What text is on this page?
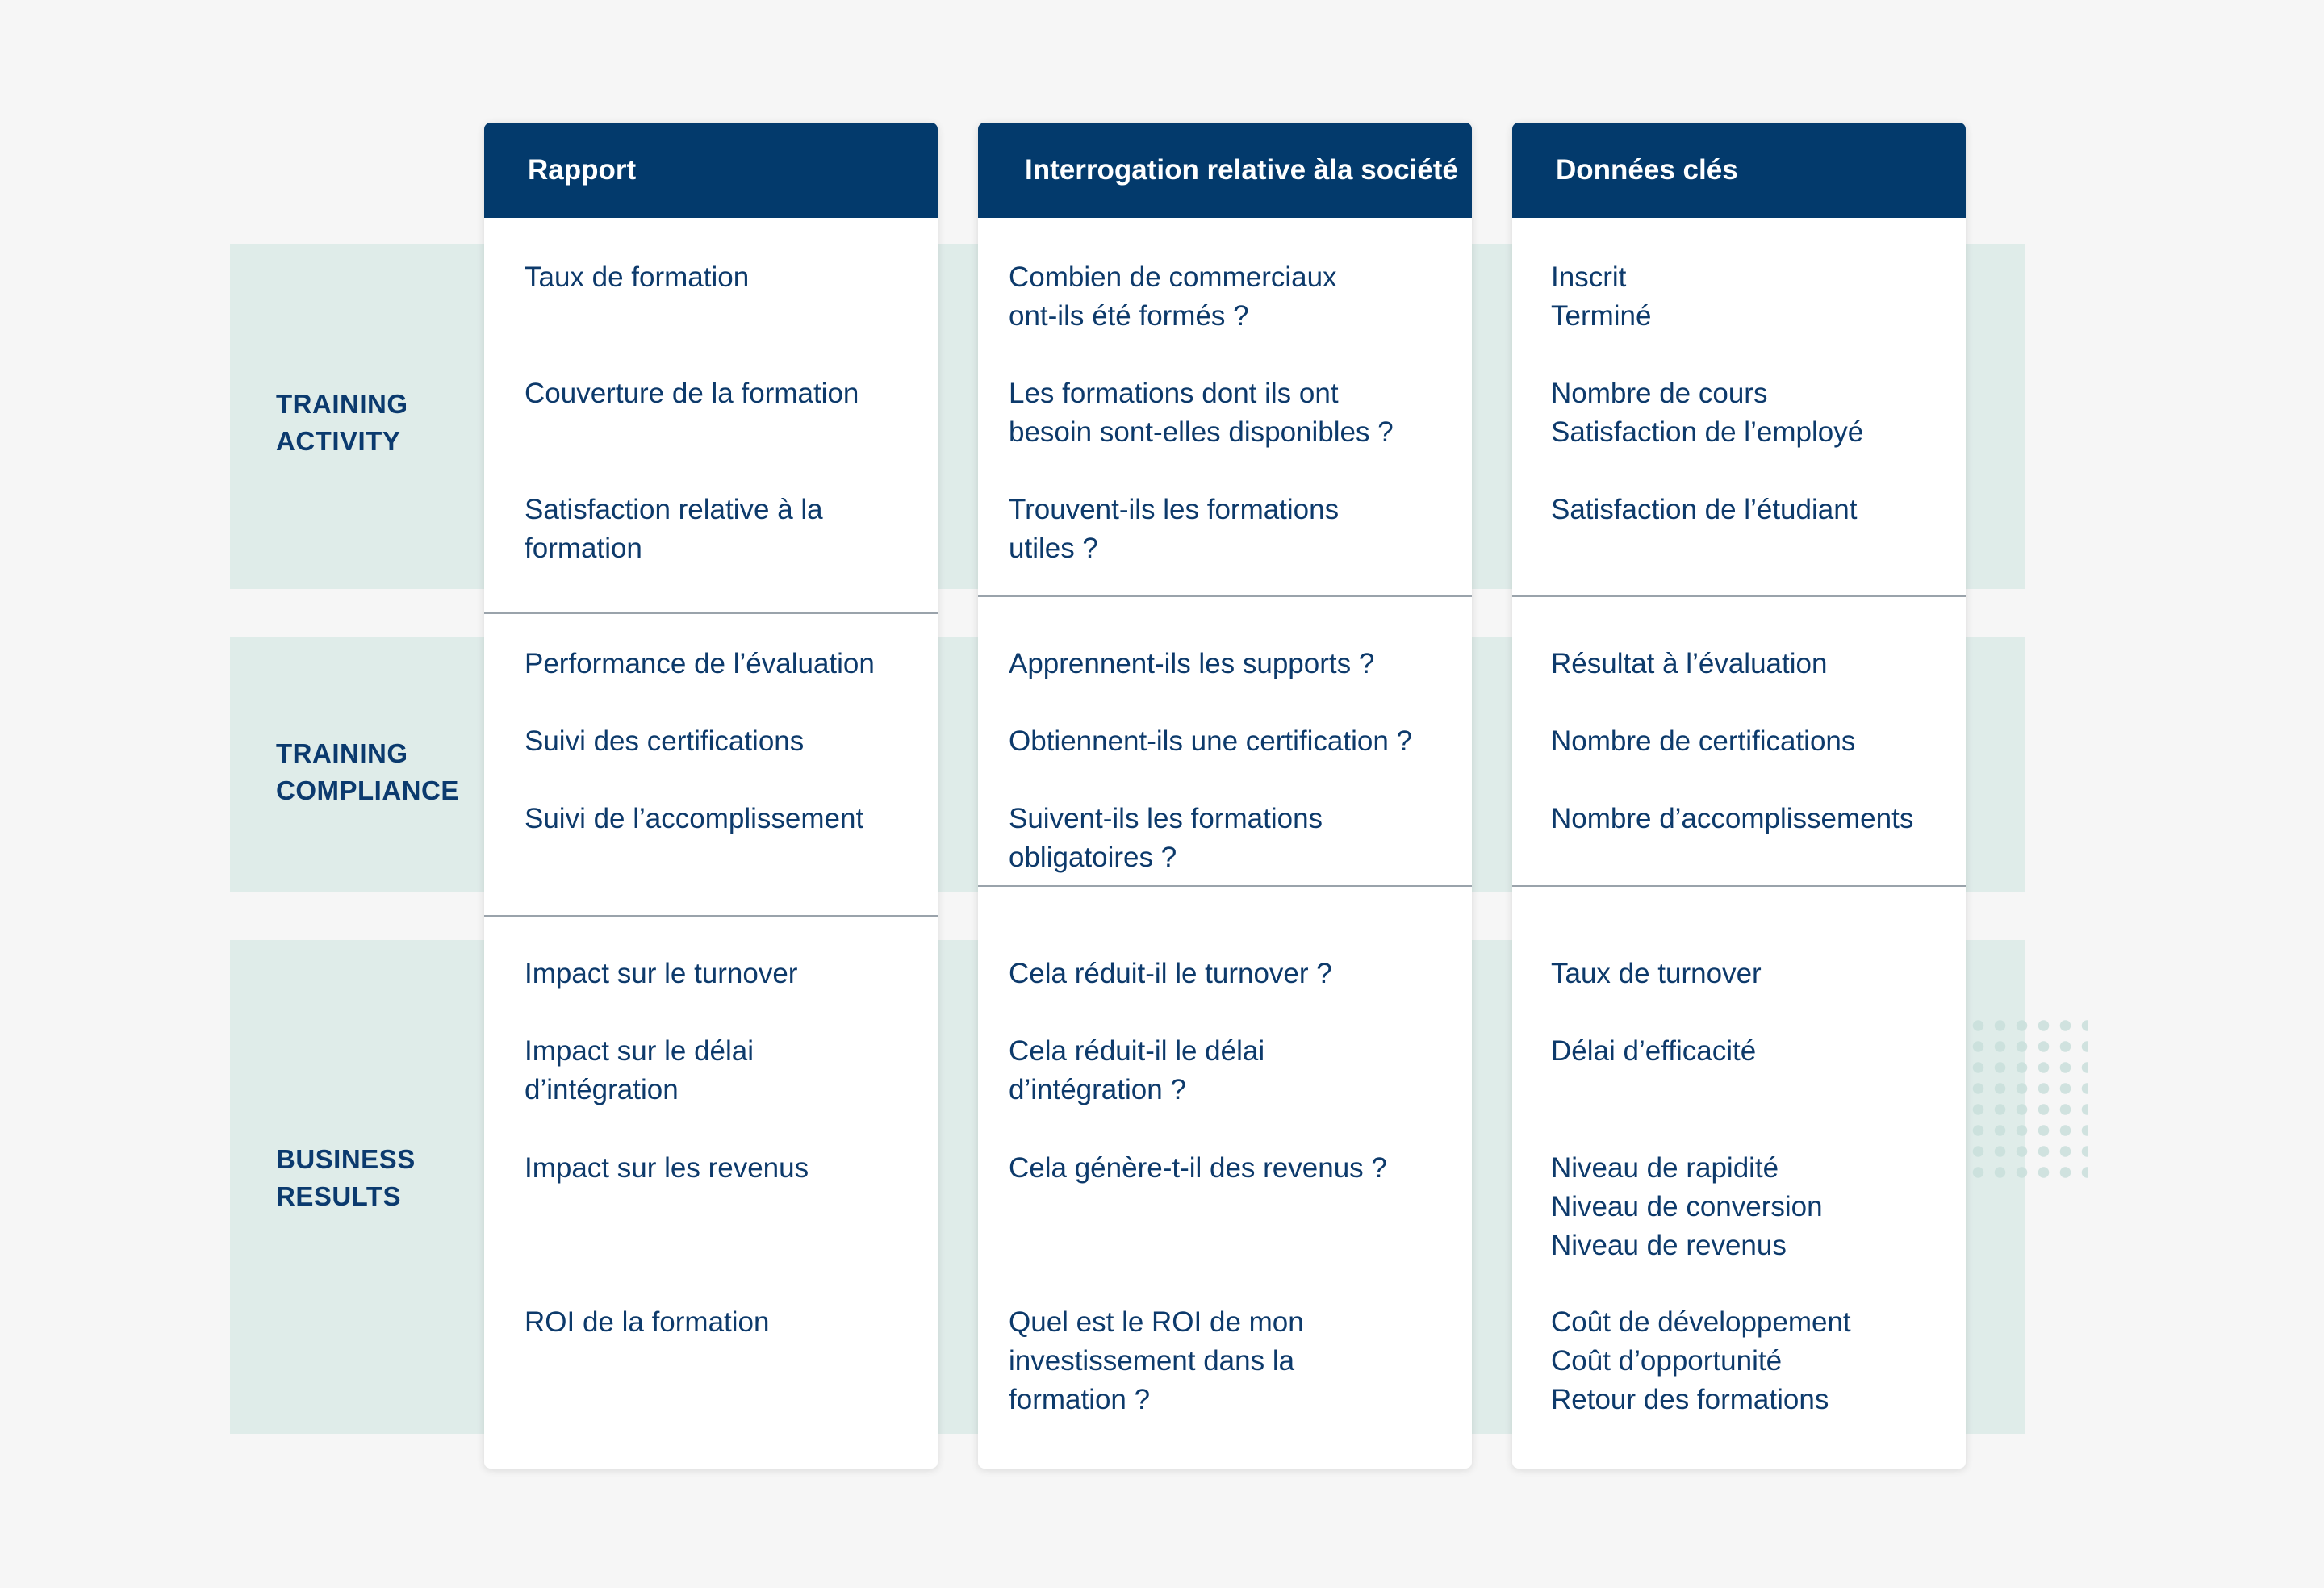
TRAINING
ACTIVITY
TRAINING
COMPLIANCE
BUSINESS
RESULTS
Rapport
Taux de formation
Couverture de la formation
Satisfaction relative à la
formation
Performance de l’évaluation
Suivi des certifications
Suivi de l’accomplissement
Impact sur le turnover
Impact sur le délai
d’intégration
Impact sur les revenus
ROI de la formation
Interrogation relative àla société
Combien de commerciaux
ont-ils été formés ?
Les formations dont ils ont
besoin sont-elles disponibles ?
Trouvent-ils les formations
utiles ?
Apprennent-ils les supports ?
Obtiennent-ils une certification ?
Suivent-ils les formations
obligatoires ?
Cela réduit-il le turnover ?
Cela réduit-il le délai
d’intégration ?
Cela génère-t-il des revenus ?
Quel est le ROI de mon
investissement dans la
formation ?
Données clés
Inscrit
Terminé
Nombre de cours
Satisfaction de l’employé
Satisfaction de l’étudiant
Résultat à l’évaluation
Nombre de certifications
Nombre d’accomplissements
Taux de turnover
Délai d’efficacité
Niveau de rapidité
Niveau de conversion
Niveau de revenus
Coût de développement
Coût d’opportunité
Retour des formations
